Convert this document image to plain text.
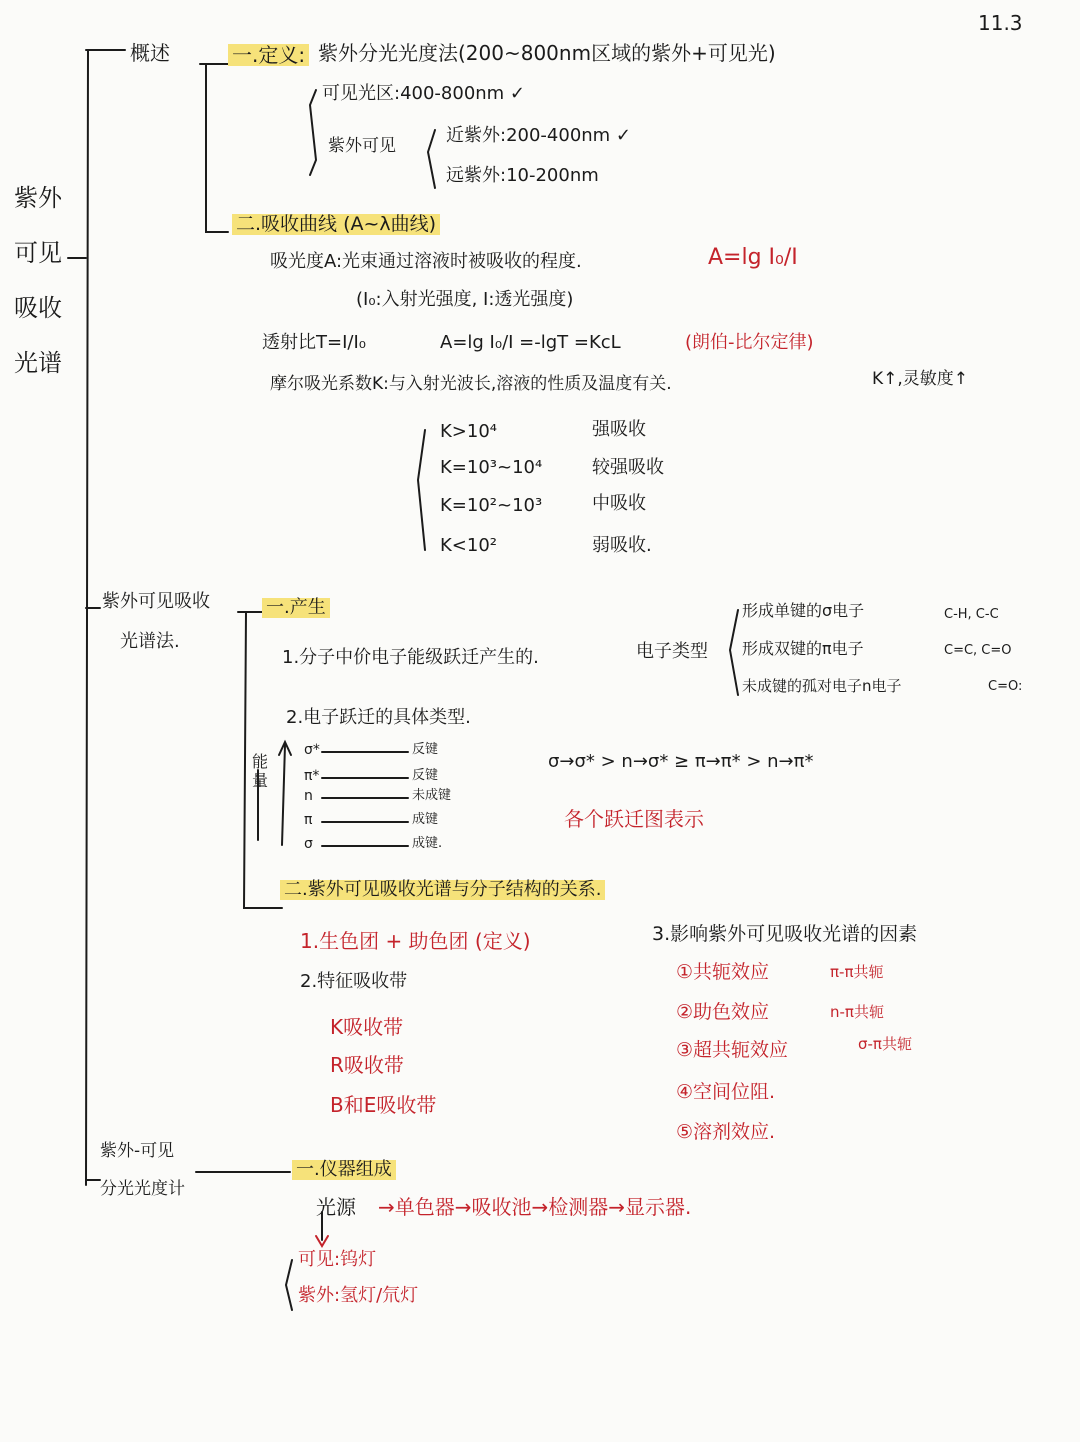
11.3
紫外
可见
吸收
光谱
概述	一.定义: 紫外分光光度法(200~800nm区域的紫外+可见光)
可见光区:400-800nm ✓
紫外可见	近紫外:200-400nm ✓
远紫外:10-200nm
二.吸收曲线 (A~λ曲线)
吸光度A:光束通过溶液时被吸收的程度.	A=lg I₀/I
(I₀:入射光强度, I:透光强度)
透射比T=I/I₀	A=lg I₀/I =-lgT =KcL	(朗伯-比尔定律)
摩尔吸光系数K:与入射光波长,溶液的性质及温度有关.	K↑,灵敏度↑
K>10⁴	强吸收
K=10³~10⁴	较强吸收
K=10²~10³	中吸收
K<10²	弱吸收.
紫外可见吸收
光谱法.
一.产生
1.分子中价电子能级跃迁产生的.	电子类型
形成单键的σ电子	C-H, C-C
形成双键的π电子	C=C, C=O
未成键的孤对电子n电子	C=O:
2.电子跃迁的具体类型.
能量
σ*	反键
π*	反键
n	未成键
π	成键
σ	成键.
σ→σ* > n→σ* ≥ π→π* > n→π*
各个跃迁图表示
二.紫外可见吸收光谱与分子结构的关系.
1.生色团 + 助色团 (定义)
2.特征吸收带
K吸收带
R吸收带
B和E吸收带
3.影响紫外可见吸收光谱的因素
①共轭效应	π-π共轭
②助色效应	n-π共轭
③超共轭效应	σ-π共轭
④空间位阻.
⑤溶剂效应.
紫外-可见
分光光度计
一.仪器组成
光源 →单色器→吸收池→检测器→显示器.
可见:钨灯
紫外:氢灯/氘灯
